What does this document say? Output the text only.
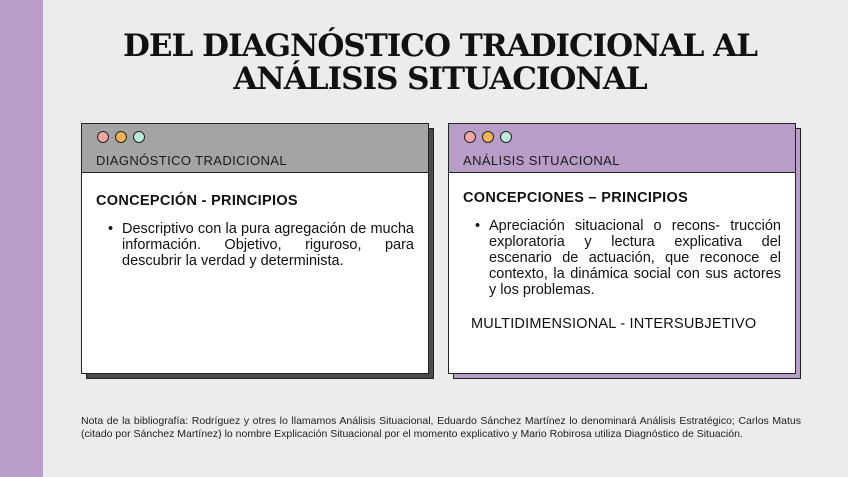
DEL DIAGNÓSTICO TRADICIONAL AL
ANÁLISIS SITUACIONAL
DIAGNÓSTICO TRADICIONAL
CONCEPCIÓN - PRINCIPIOS
• Descriptivo con la pura agregación de mucha información. Objetivo, riguroso, para descubrir la verdad y determinista.
ANÁLISIS SITUACIONAL
CONCEPCIONES – PRINCIPIOS
• Apreciación situacional o recons- trucción exploratoria y lectura explicativa del escenario de actuación, que reconoce el contexto, la dinámica social con sus actores y los problemas.
MULTIDIMENSIONAL - INTERSUBJETIVO
Nota de la bibliografía: Rodríguez y otres lo llamamos Análisis Situacional, Eduardo Sánchez Martínez lo denominará Análisis Estratégico; Carlos Matus (citado por Sánchez Martínez) lo nombre Explicación Situacional por el momento explicativo y Mario Robirosa utiliza Diagnóstico de Situación.
